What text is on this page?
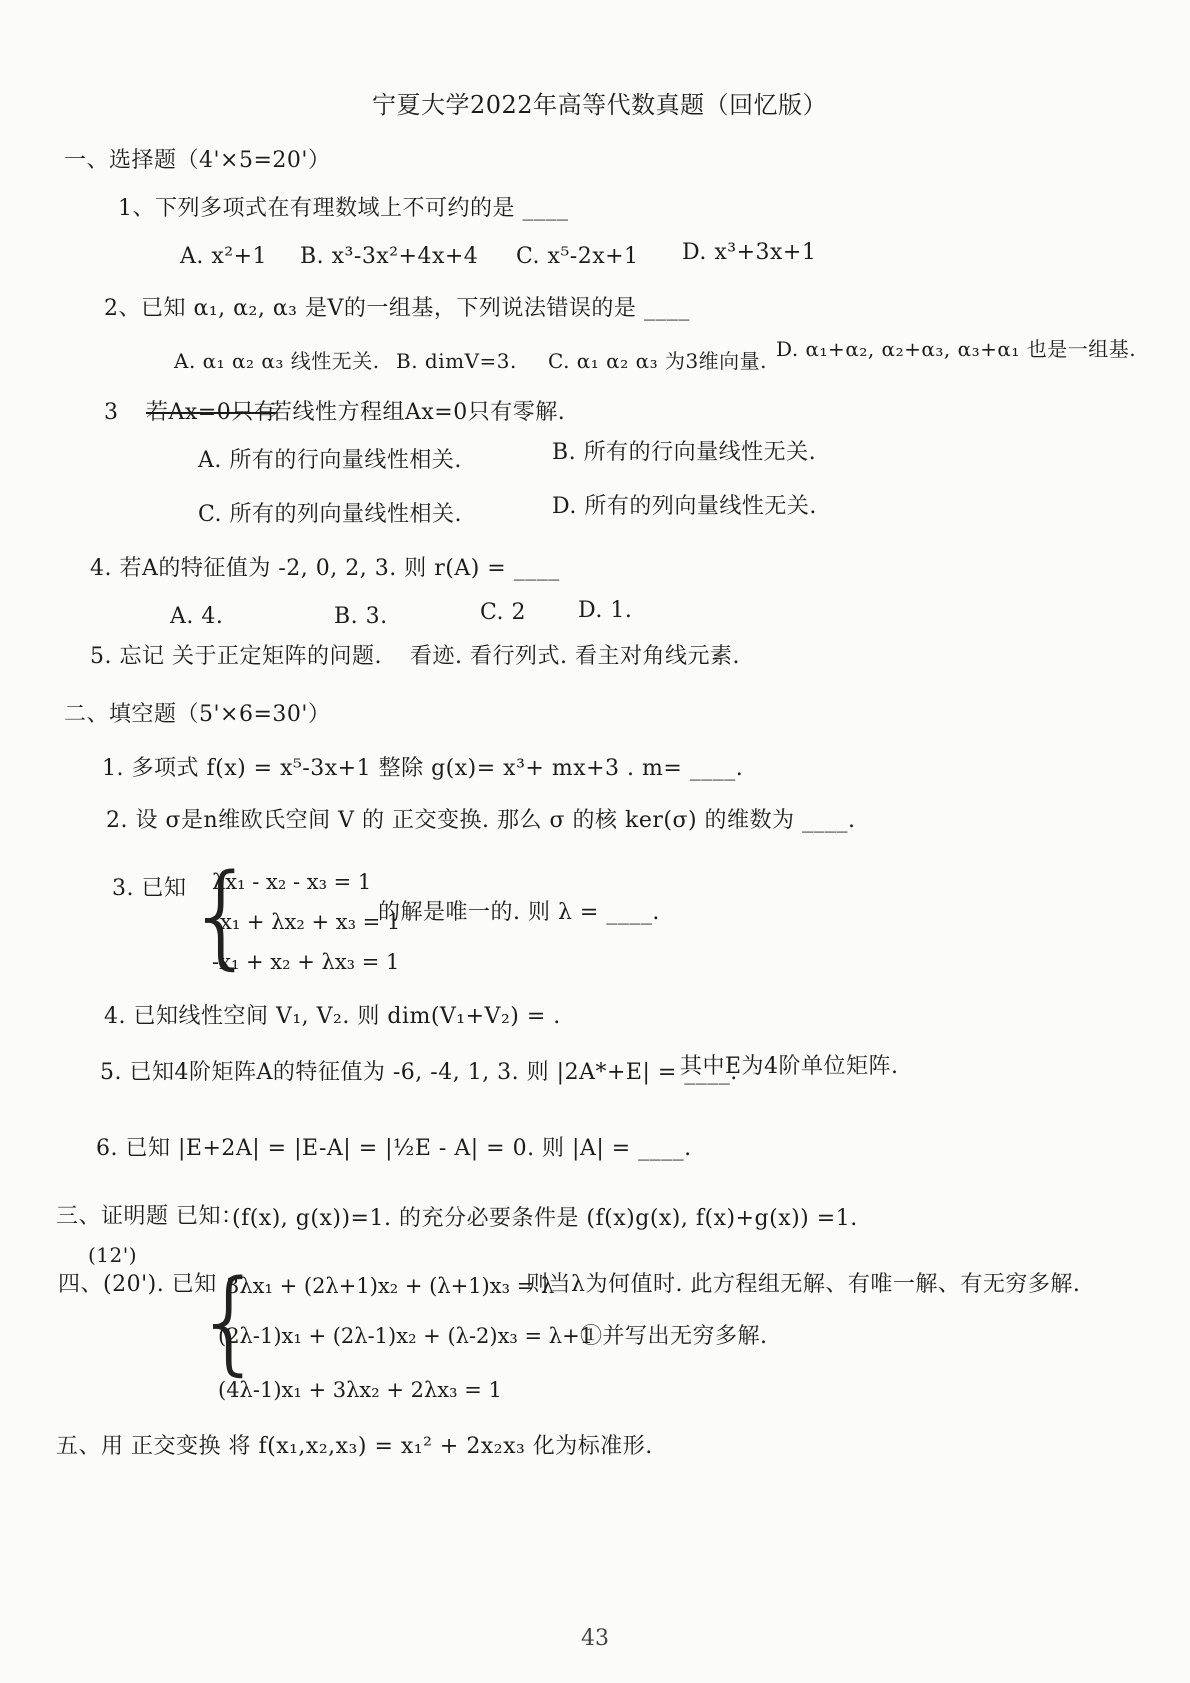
宁夏大学2022年高等代数真题（回忆版）
一、选择题（4'×5=20'）
1、下列多项式在有理数域上不可约的是 ____
A. x²+1 B. x³-3x²+4x+4 C. x⁵-2x+1 D. x³+3x+1
2、已知 α₁, α₂, α₃ 是V的一组基，下列说法错误的是 ____
A. α₁ α₂ α₃ 线性无关. B. dimV=3. C. α₁ α₂ α₃ 为3维向量. D. α₁+α₂, α₂+α₃, α₃+α₁ 也是一组基.
3 若Ax=0只有
若线性方程组Ax=0只有零解.
A. 所有的行向量线性相关.	B. 所有的行向量线性无关.
C. 所有的列向量线性相关.	D. 所有的列向量线性无关.
4. 若A的特征值为 -2, 0, 2, 3. 则 r(A) = ____
A. 4.	B. 3.	C. 2 D. 1.
5. 忘记 关于正定矩阵的问题. 看迹. 看行列式. 看主对角线元素.
二、填空题（5'×6=30'）
1. 多项式 f(x) = x⁵-3x+1 整除 g(x)= x³+ mx+3 . m= ____.
2. 设 σ是n维欧氏空间 V 的 正交变换. 那么 σ 的核 ker(σ) 的维数为 ____.
3. 已知 {
λx₁ - x₂ - x₃ = 1
x₁ + λx₂ + x₃ = 1
-x₁ + x₂ + λx₃ = 1
的解是唯一的. 则 λ = ____.
4. 已知线性空间 V₁, V₂. 则 dim(V₁+V₂) = .
5. 已知4阶矩阵A的特征值为 -6, -4, 1, 3. 则 |2A*+E| = ____.
其中E为4阶单位矩阵.
6. 已知 |E+2A| = |E-A| = |½E - A| = 0. 则 |A| = ____.
三、证明题 已知：
(12')
(f(x), g(x))=1. 的充分必要条件是 (f(x)g(x), f(x)+g(x)) =1.
四、(20'). 已知
{
3λx₁ + (2λ+1)x₂ + (λ+1)x₃ = λ
(2λ-1)x₁ + (2λ-1)x₂ + (λ-2)x₃ = λ+1
(4λ-1)x₁ + 3λx₂ + 2λx₃ = 1
则当λ为何值时. 此方程组无解、有唯一解、有无穷多解.
①并写出无穷多解.
五、用 正交变换 将 f(x₁,x₂,x₃) = x₁² + 2x₂x₃ 化为标准形.
43
